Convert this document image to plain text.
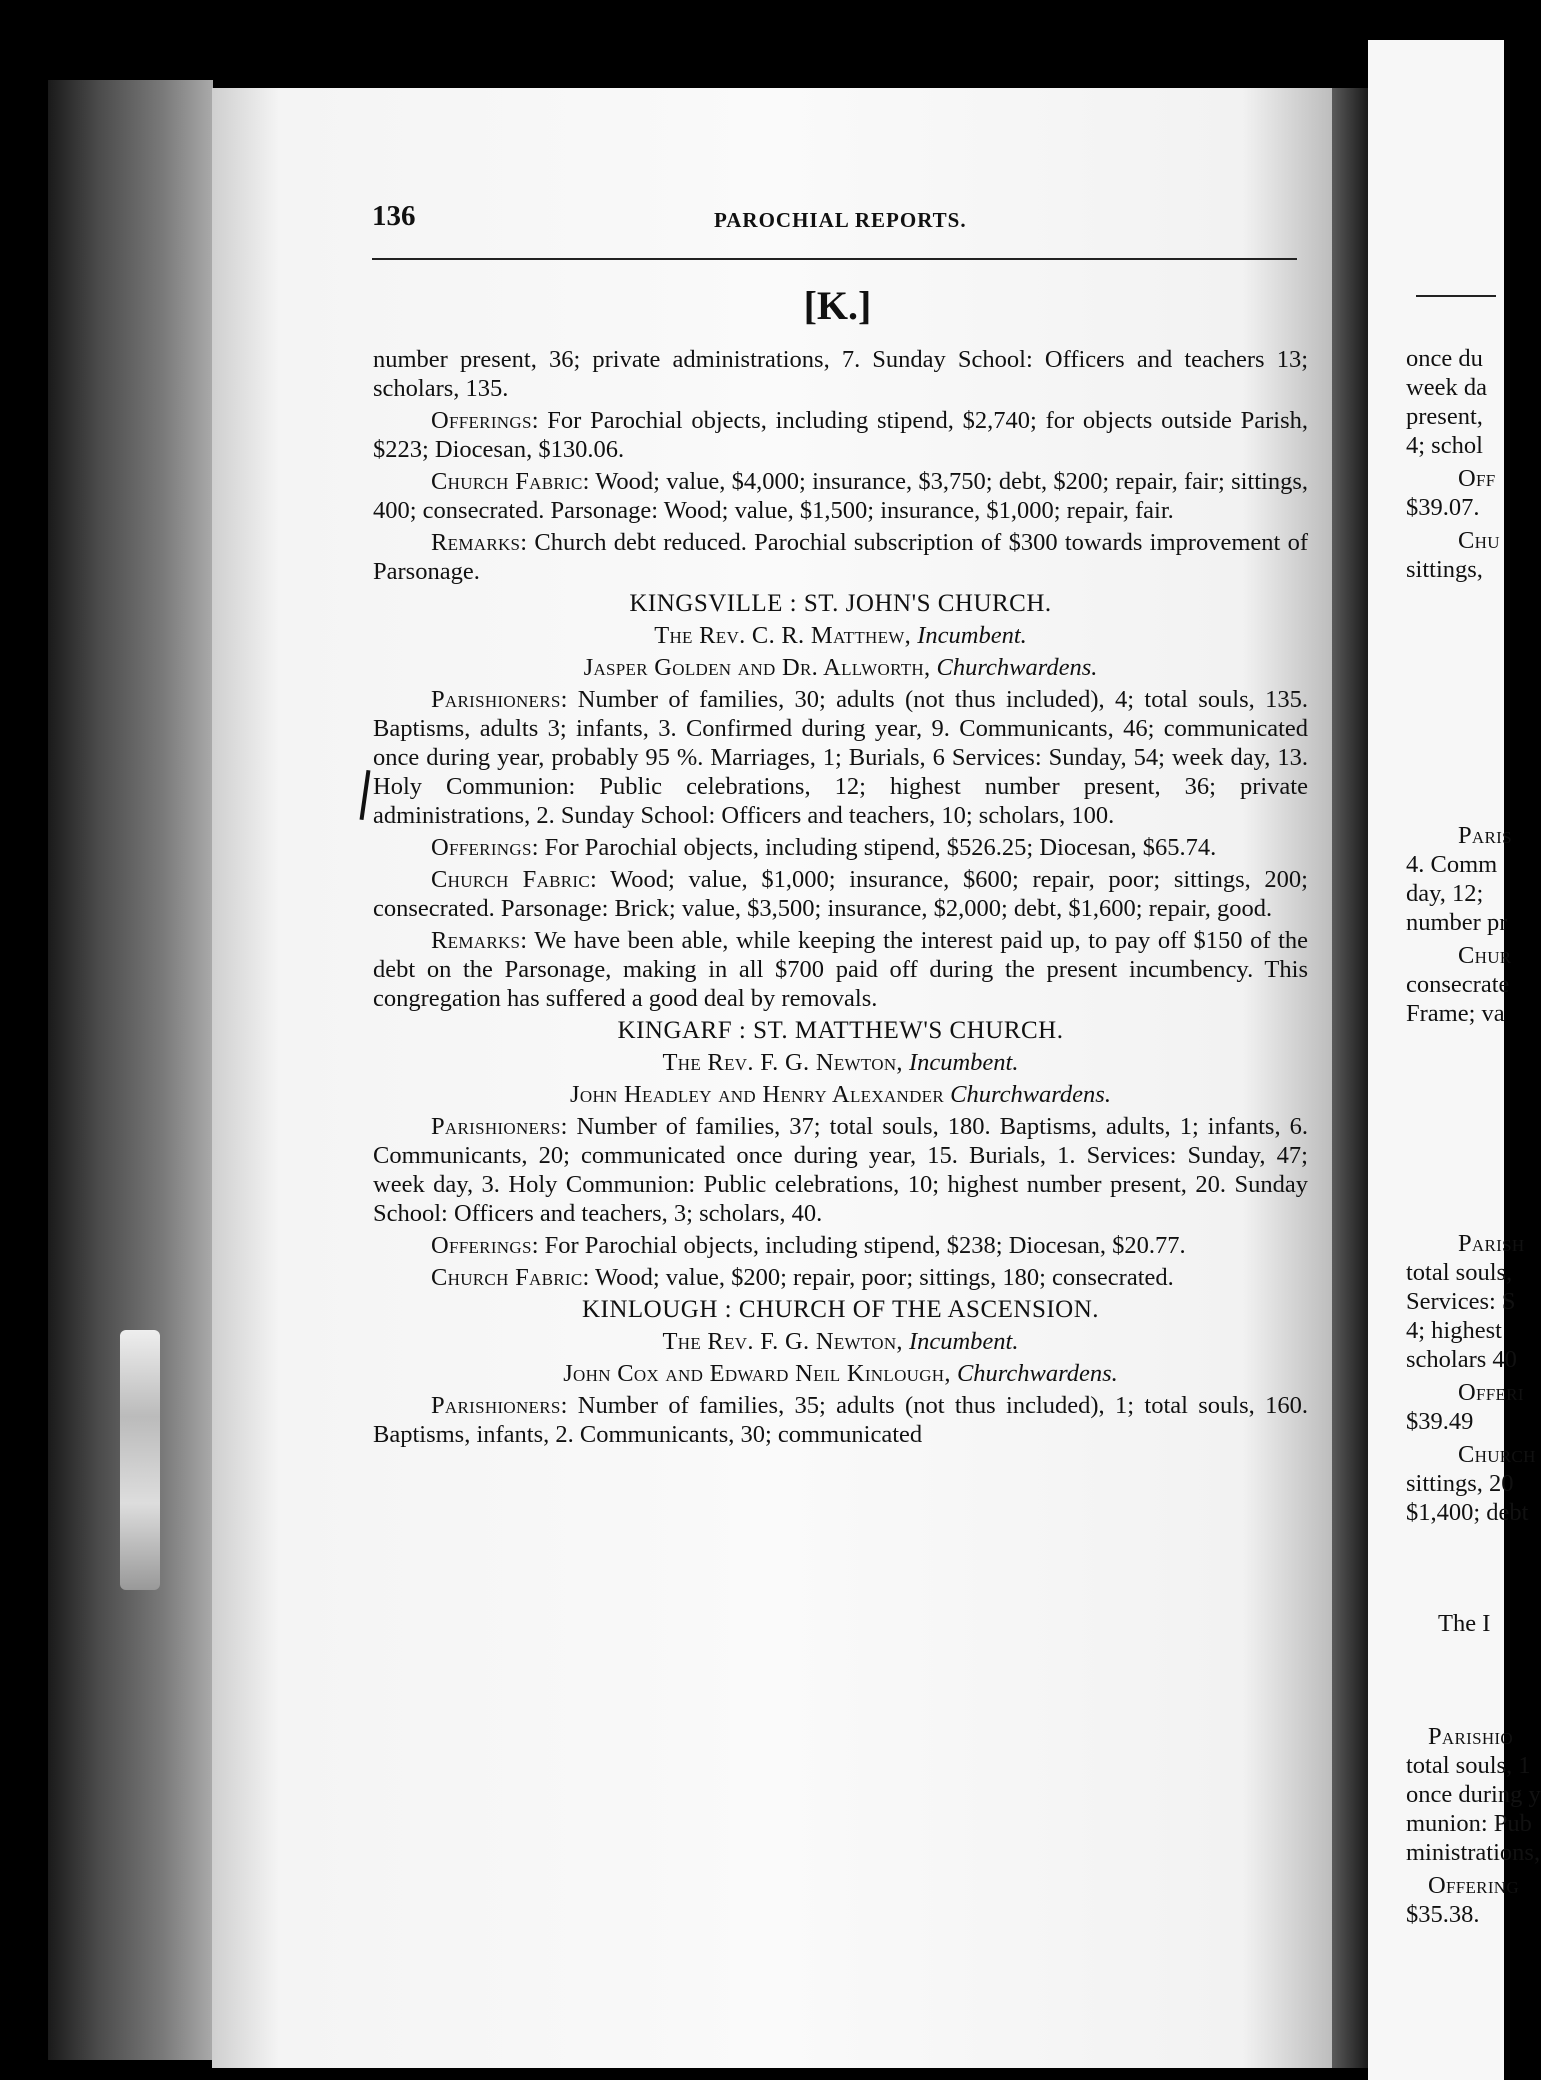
once du
week da
present,
4; schol
Off
$39.07.
Chu
sittings,
Paris
4. Comm
day, 12;
number pr
Chur
consecrate
Frame; va
Parish
total souls,
Services: S
4; highest
scholars 40
Offeri
$39.49
Church
sittings, 20
$1,400; debt
The I
Parishio
total souls, 1
once during y
munion: Pub
ministrations,
Offering
$35.38.
136	PAROCHIAL REPORTS.
[K.]

number present, 36; private administrations, 7. Sunday School: Officers and teachers 13; scholars, 135.

Offerings: For Parochial objects, including stipend, $2,740; for objects outside Parish, $223; Diocesan, $130.06.

Church Fabric: Wood; value, $4,000; insurance, $3,750; debt, $200; repair, fair; sittings, 400; consecrated. Parsonage: Wood; value, $1,500; insurance, $1,000; repair, fair.

Remarks: Church debt reduced. Parochial subscription of $300 towards improvement of Parsonage.

KINGSVILLE : ST. JOHN'S CHURCH.

The Rev. C. R. Matthew, Incumbent.

Jasper Golden and Dr. Allworth, Churchwardens.

Parishioners: Number of families, 30; adults (not thus included), 4; total souls, 135. Baptisms, adults 3; infants, 3. Confirmed during year, 9. Communicants, 46; communicated once during year, probably 95 %. Marriages, 1; Burials, 6 Services: Sunday, 54; week day, 13. Holy Communion: Public celebrations, 12; highest number present, 36; private administrations, 2. Sunday School: Officers and teachers, 10; scholars, 100.

Offerings: For Parochial objects, including stipend, $526.25; Diocesan, $65.74.

Church Fabric: Wood; value, $1,000; insurance, $600; repair, poor; sittings, 200; consecrated. Parsonage: Brick; value, $3,500; insurance, $2,000; debt, $1,600; repair, good.

Remarks: We have been able, while keeping the interest paid up, to pay off $150 of the debt on the Parsonage, making in all $700 paid off during the present incumbency. This congregation has suffered a good deal by removals.

KINGARF : ST. MATTHEW'S CHURCH.

The Rev. F. G. Newton, Incumbent.

John Headley and Henry Alexander Churchwardens.

Parishioners: Number of families, 37; total souls, 180. Baptisms, adults, 1; infants, 6. Communicants, 20; communicated once during year, 15. Burials, 1. Services: Sunday, 47; week day, 3. Holy Communion: Public celebrations, 10; highest number present, 20. Sunday School: Officers and teachers, 3; scholars, 40.

Offerings: For Parochial objects, including stipend, $238; Diocesan, $20.77.

Church Fabric: Wood; value, $200; repair, poor; sittings, 180; consecrated.

KINLOUGH : CHURCH OF THE ASCENSION.

The Rev. F. G. Newton, Incumbent.

John Cox and Edward Neil Kinlough, Churchwardens.

Parishioners: Number of families, 35; adults (not thus included), 1; total souls, 160. Baptisms, infants, 2. Communicants, 30; communicated
